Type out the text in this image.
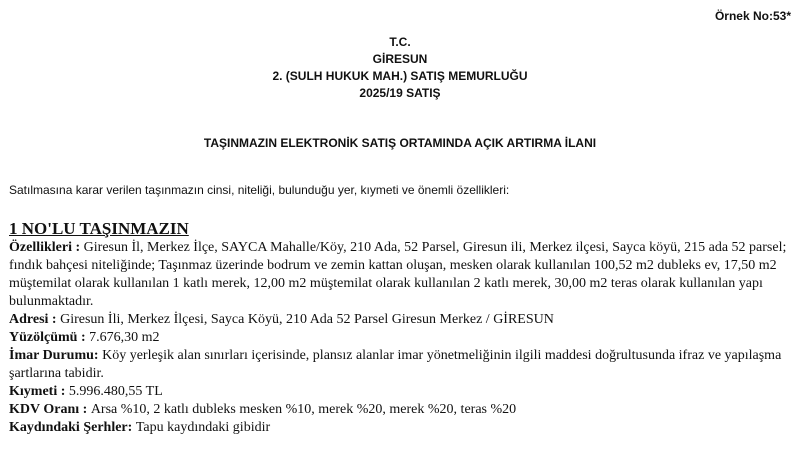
Örnek No:53*
T.C.
GİRESUN
2. (SULH HUKUK MAH.) SATIŞ MEMURLUĞU
2025/19 SATIŞ
TAŞINMAZIN ELEKTRONİK SATIŞ ORTAMINDA AÇIK ARTIRMA İLANI
Satılmasına karar verilen taşınmazın cinsi, niteliği, bulunduğu yer, kıymeti ve önemli özellikleri:
1 NO'LU TAŞINMAZIN

Özellikleri : Giresun İl, Merkez İlçe, SAYCA Mahalle/Köy, 210 Ada, 52 Parsel, Giresun ili, Merkez ilçesi, Sayca köyü, 215 ada 52 parsel; fındık bahçesi niteliğinde; Taşınmaz üzerinde bodrum ve zemin kattan oluşan, mesken olarak kullanılan 100,52 m2 dubleks ev, 17,50 m2 müştemilat olarak kullanılan 1 katlı merek, 12,00 m2 müştemilat olarak kullanılan 2 katlı merek, 30,00 m2 teras olarak kullanılan yapı bulunmaktadır.

Adresi : Giresun İli, Merkez İlçesi, Sayca Köyü, 210 Ada 52 Parsel Giresun Merkez / GİRESUN

Yüzölçümü : 7.676,30 m2

İmar Durumu: Köy yerleşik alan sınırları içerisinde, plansız alanlar imar yönetmeliğinin ilgili maddesi doğrultusunda ifraz ve yapılaşma şartlarına tabidir.

Kıymeti : 5.996.480,55 TL

KDV Oranı : Arsa %10, 2 katlı dubleks mesken %10, merek %20, merek %20, teras %20

Kaydındaki Şerhler: Tapu kaydındaki gibidir
